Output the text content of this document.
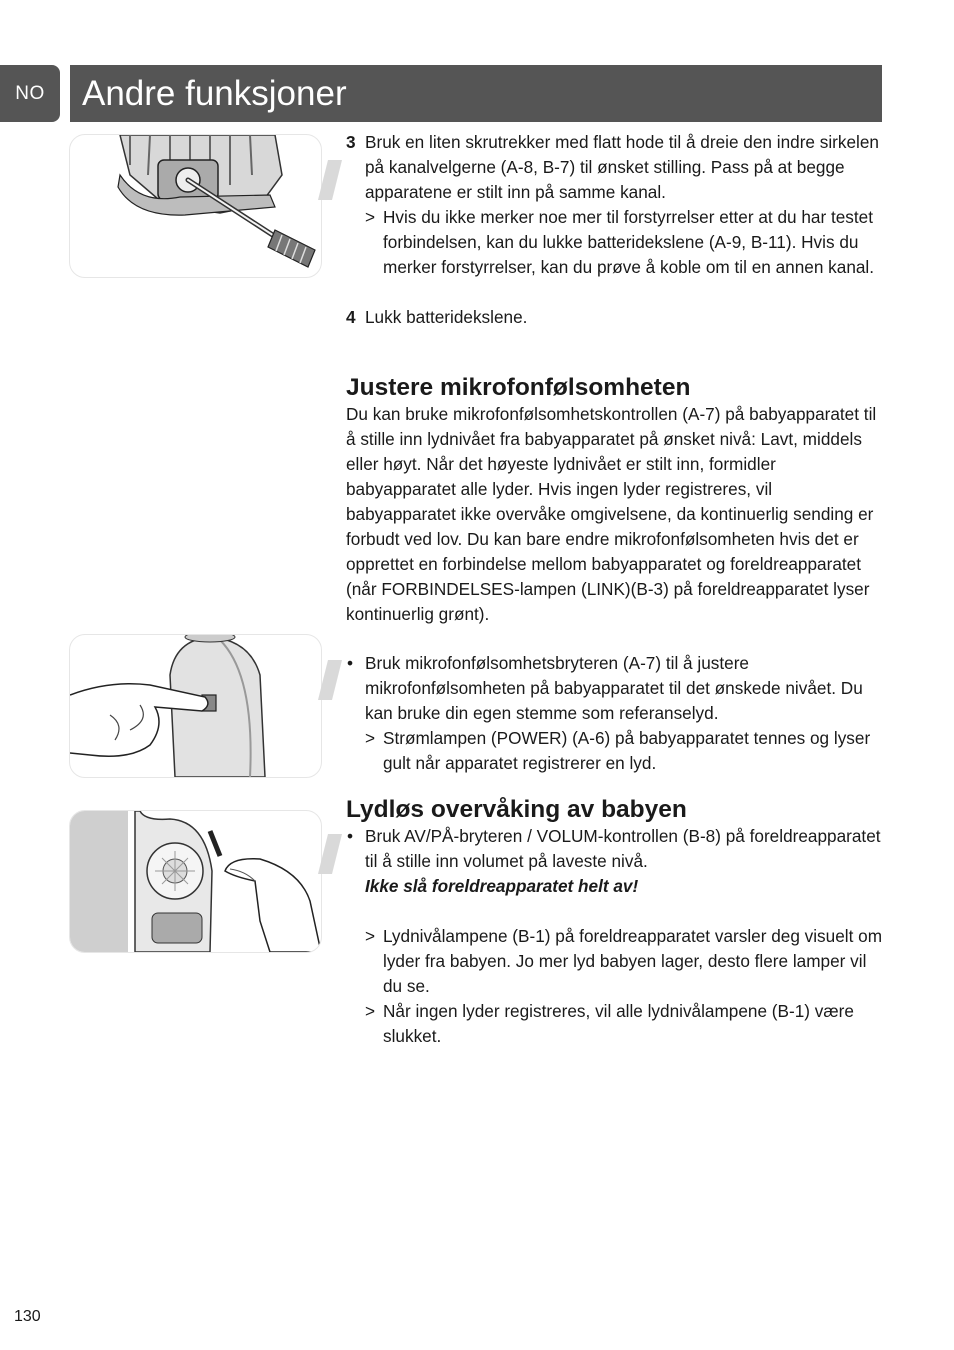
NO	Andre funksjoner
3 Bruk en liten skrutrekker med flatt hode til å dreie den indre sirkelen på kanalvelgerne (A-8, B-7) til ønsket stilling. Pass på at begge apparatene er stilt inn på samme kanal.
> Hvis du ikke merker noe mer til forstyrrelser etter at du har testet forbindelsen, kan du lukke batteridekslene (A-9, B-11). Hvis du merker forstyrrelser, kan du prøve å koble om til en annen kanal.
4 Lukk batteridekslene.
Justere mikrofonfølsomheten

Du kan bruke mikrofonfølsomhetskontrollen (A-7) på babyapparatet til å stille inn lydnivået fra babyapparatet på ønsket nivå: Lavt, middels eller høyt. Når det høyeste lydnivået er stilt inn, formidler babyapparatet alle lyder. Hvis ingen lyder registreres, vil babyapparatet ikke overvåke omgivelsene, da kontinuerlig sending er forbudt ved lov. Du kan bare endre mikrofonfølsomheten hvis det er opprettet en forbindelse mellom babyapparatet og foreldreapparatet (når FORBINDELSES-lampen (LINK)(B-3) på foreldreapparatet lyser kontinuerlig grønt).

• Bruk mikrofonfølsomhetsbryteren (A-7) til å justere mikrofonfølsomheten på babyapparatet til det ønskede nivået. Du kan bruke din egen stemme som referanselyd.
> Strømlampen (POWER) (A-6) på babyapparatet tennes og lyser gult når apparatet registrerer en lyd.
Lydløs overvåking av babyen
• Bruk AV/PÅ-bryteren / VOLUM-kontrollen (B-8) på foreldreapparatet til å stille inn volumet på laveste nivå.
Ikke slå foreldreapparatet helt av!
> Lydnivålampene (B-1) på foreldreapparatet varsler deg visuelt om lyder fra babyen. Jo mer lyd babyen lager, desto flere lamper vil du se.
> Når ingen lyder registreres, vil alle lydnivålampene (B-1) være slukket.
130
